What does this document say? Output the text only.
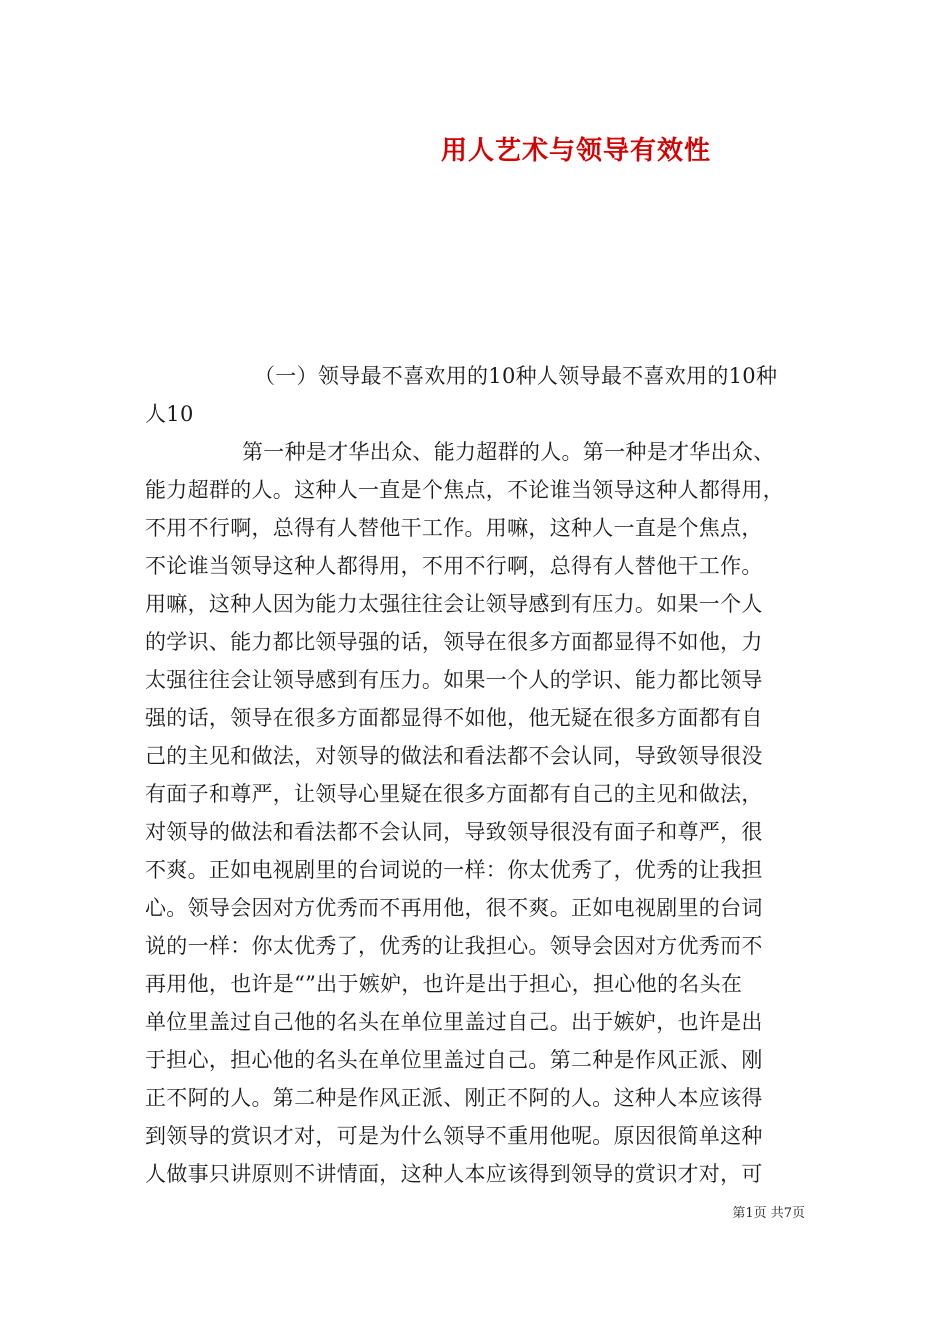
用人艺术与领导有效性

（一）领导最不喜欢用的10种人领导最不喜欢用的10种

人10

第一种是才华出众、能力超群的人。第一种是才华出众、

能力超群的人。这种人一直是个焦点，不论谁当领导这种人都得用，

不用不行啊，总得有人替他干工作。用嘛，这种人一直是个焦点，

不论谁当领导这种人都得用，不用不行啊，总得有人替他干工作。

用嘛，这种人因为能力太强往往会让领导感到有压力。如果一个人

的学识、能力都比领导强的话，领导在很多方面都显得不如他，力

太强往往会让领导感到有压力。如果一个人的学识、能力都比领导

强的话，领导在很多方面都显得不如他，他无疑在很多方面都有自

己的主见和做法，对领导的做法和看法都不会认同，导致领导很没

有面子和尊严，让领导心里疑在很多方面都有自己的主见和做法，

对领导的做法和看法都不会认同，导致领导很没有面子和尊严，很

不爽。正如电视剧里的台词说的一样：你太优秀了，优秀的让我担

心。领导会因对方优秀而不再用他，很不爽。正如电视剧里的台词

说的一样：你太优秀了，优秀的让我担心。领导会因对方优秀而不

再用他，也许是“”出于嫉妒，也许是出于担心，担心他的名头在

单位里盖过自己他的名头在单位里盖过自己。出于嫉妒，也许是出

于担心，担心他的名头在单位里盖过自己。第二种是作风正派、刚

正不阿的人。第二种是作风正派、刚正不阿的人。这种人本应该得

到领导的赏识才对，可是为什么领导不重用他呢。原因很简单这种

人做事只讲原则不讲情面，这种人本应该得到领导的赏识才对，可

第1页 共7页
